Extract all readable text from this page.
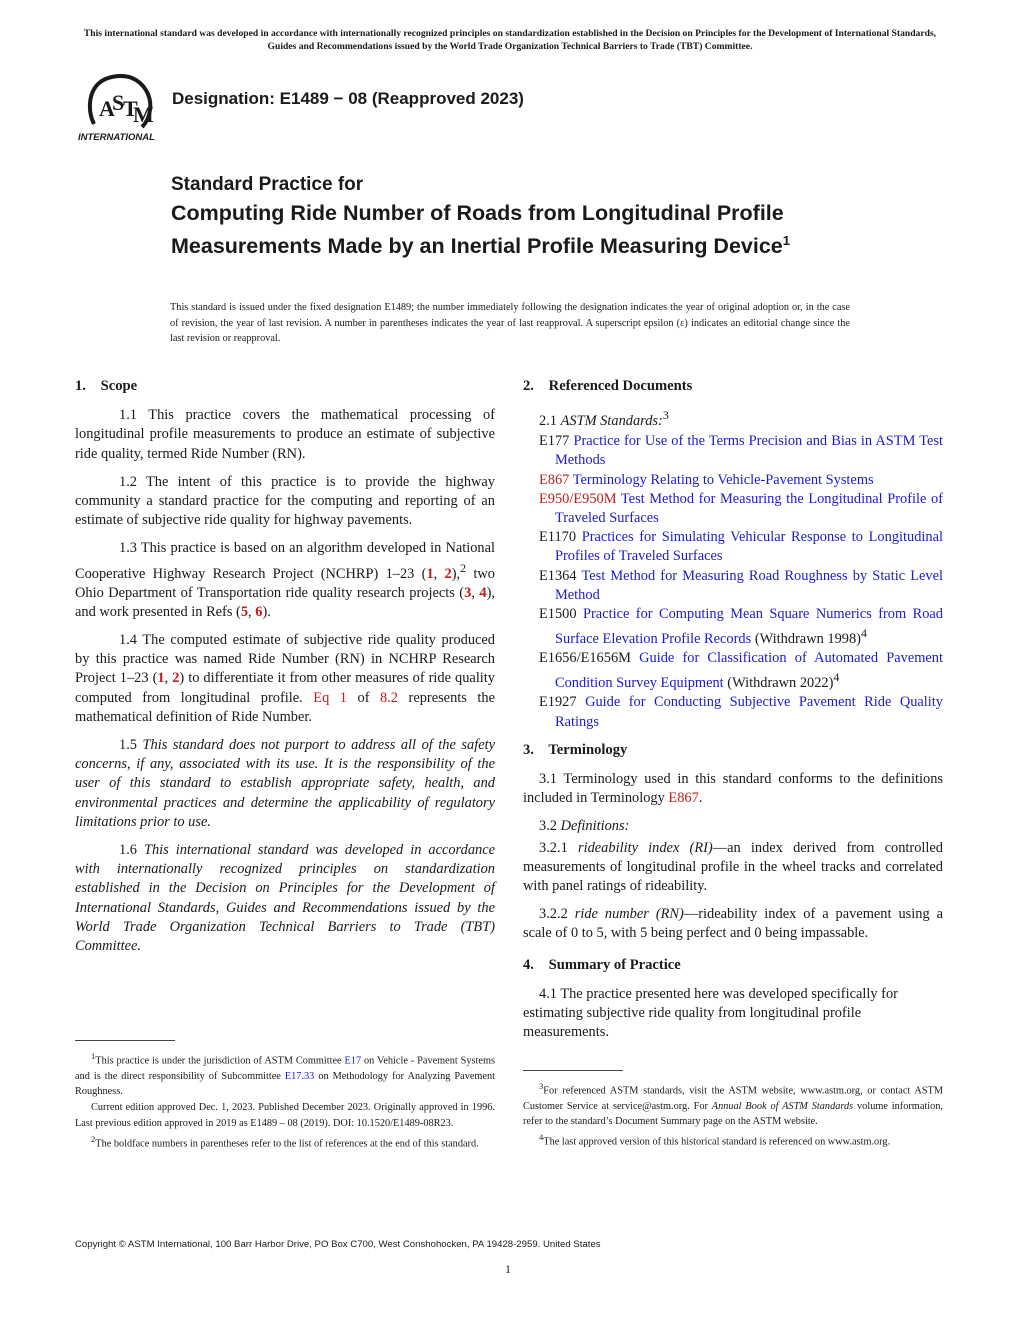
This international standard was developed in accordance with internationally recognized principles on standardization established in the Decision on Principles for the Development of International Standards, Guides and Recommendations issued by the World Trade Organization Technical Barriers to Trade (TBT) Committee.
A
S
T
M
INTERNATIONAL
Designation: E1489 − 08 (Reapproved 2023)
Standard Practice for
Computing Ride Number of Roads from Longitudinal Profile Measurements Made by an Inertial Profile Measuring Device$^1$
This standard is issued under the fixed designation E1489; the number immediately following the designation indicates the year of original adoption or, in the case of revision, the year of last revision. A number in parentheses indicates the year of last reapproval. A superscript epsilon (ε) indicates an editorial change since the last revision or reapproval.
1. Scope

1.1 This practice covers the mathematical processing of longitudinal profile measurements to produce an estimate of subjective ride quality, termed Ride Number (RN).

1.2 The intent of this practice is to provide the highway community a standard practice for the computing and reporting of an estimate of subjective ride quality for highway pavements.

1.3 This practice is based on an algorithm developed in National Cooperative Highway Research Project (NCHRP) 1–23 (1, 2),$^2$ two Ohio Department of Transportation ride quality research projects (3, 4), and work presented in Refs (5, 6).

1.4 The computed estimate of subjective ride quality produced by this practice was named Ride Number (RN) in NCHRP Research Project 1–23 (1, 2) to differentiate it from other measures of ride quality computed from longitudinal profile. Eq 1 of 8.2 represents the mathematical definition of Ride Number.

1.5 This standard does not purport to address all of the safety concerns, if any, associated with its use. It is the responsibility of the user of this standard to establish appropriate safety, health, and environmental practices and determine the applicability of regulatory limitations prior to use.

1.6 This international standard was developed in accordance with internationally recognized principles on standardization established in the Decision on Principles for the Development of International Standards, Guides and Recommendations issued by the World Trade Organization Technical Barriers to Trade (TBT) Committee.

$^1$This practice is under the jurisdiction of ASTM Committee E17 on Vehicle - Pavement Systems and is the direct responsibility of Subcommittee E17.33 on Methodology for Analyzing Pavement Roughness.

Current edition approved Dec. 1, 2023. Published December 2023. Originally approved in 1996. Last previous edition approved in 2019 as E1489 – 08 (2019). DOI: 10.1520/E1489-08R23.

$^2$The boldface numbers in parentheses refer to the list of references at the end of this standard.

2. Referenced Documents
2.1 ASTM Standards:$^3$
E177 Practice for Use of the Terms Precision and Bias in ASTM Test Methods
E867 Terminology Relating to Vehicle-Pavement Systems
E950/E950M Test Method for Measuring the Longitudinal Profile of Traveled Surfaces
E1170 Practices for Simulating Vehicular Response to Longitudinal Profiles of Traveled Surfaces
E1364 Test Method for Measuring Road Roughness by Static Level Method
E1500 Practice for Computing Mean Square Numerics from Road Surface Elevation Profile Records (Withdrawn 1998)$^4$
E1656/E1656M Guide for Classification of Automated Pavement Condition Survey Equipment (Withdrawn 2022)$^4$
E1927 Guide for Conducting Subjective Pavement Ride Quality Ratings
3. Terminology

3.1 Terminology used in this standard conforms to the definitions included in Terminology E867.

3.2 Definitions:

3.2.1 rideability index (RI)—an index derived from controlled measurements of longitudinal profile in the wheel tracks and correlated with panel ratings of rideability.

3.2.2 ride number (RN)—rideability index of a pavement using a scale of 0 to 5, with 5 being perfect and 0 being impassable.

4. Summary of Practice

4.1 The practice presented here was developed specifically for estimating subjective ride quality from longitudinal profile measurements.

$^3$For referenced ASTM standards, visit the ASTM website, www.astm.org, or contact ASTM Customer Service at service@astm.org. For Annual Book of ASTM Standards volume information, refer to the standard’s Document Summary page on the ASTM website.

$^4$The last approved version of this historical standard is referenced on www.astm.org.

Copyright © ASTM International, 100 Barr Harbor Drive, PO Box C700, West Conshohocken, PA 19428-2959. United States
1
